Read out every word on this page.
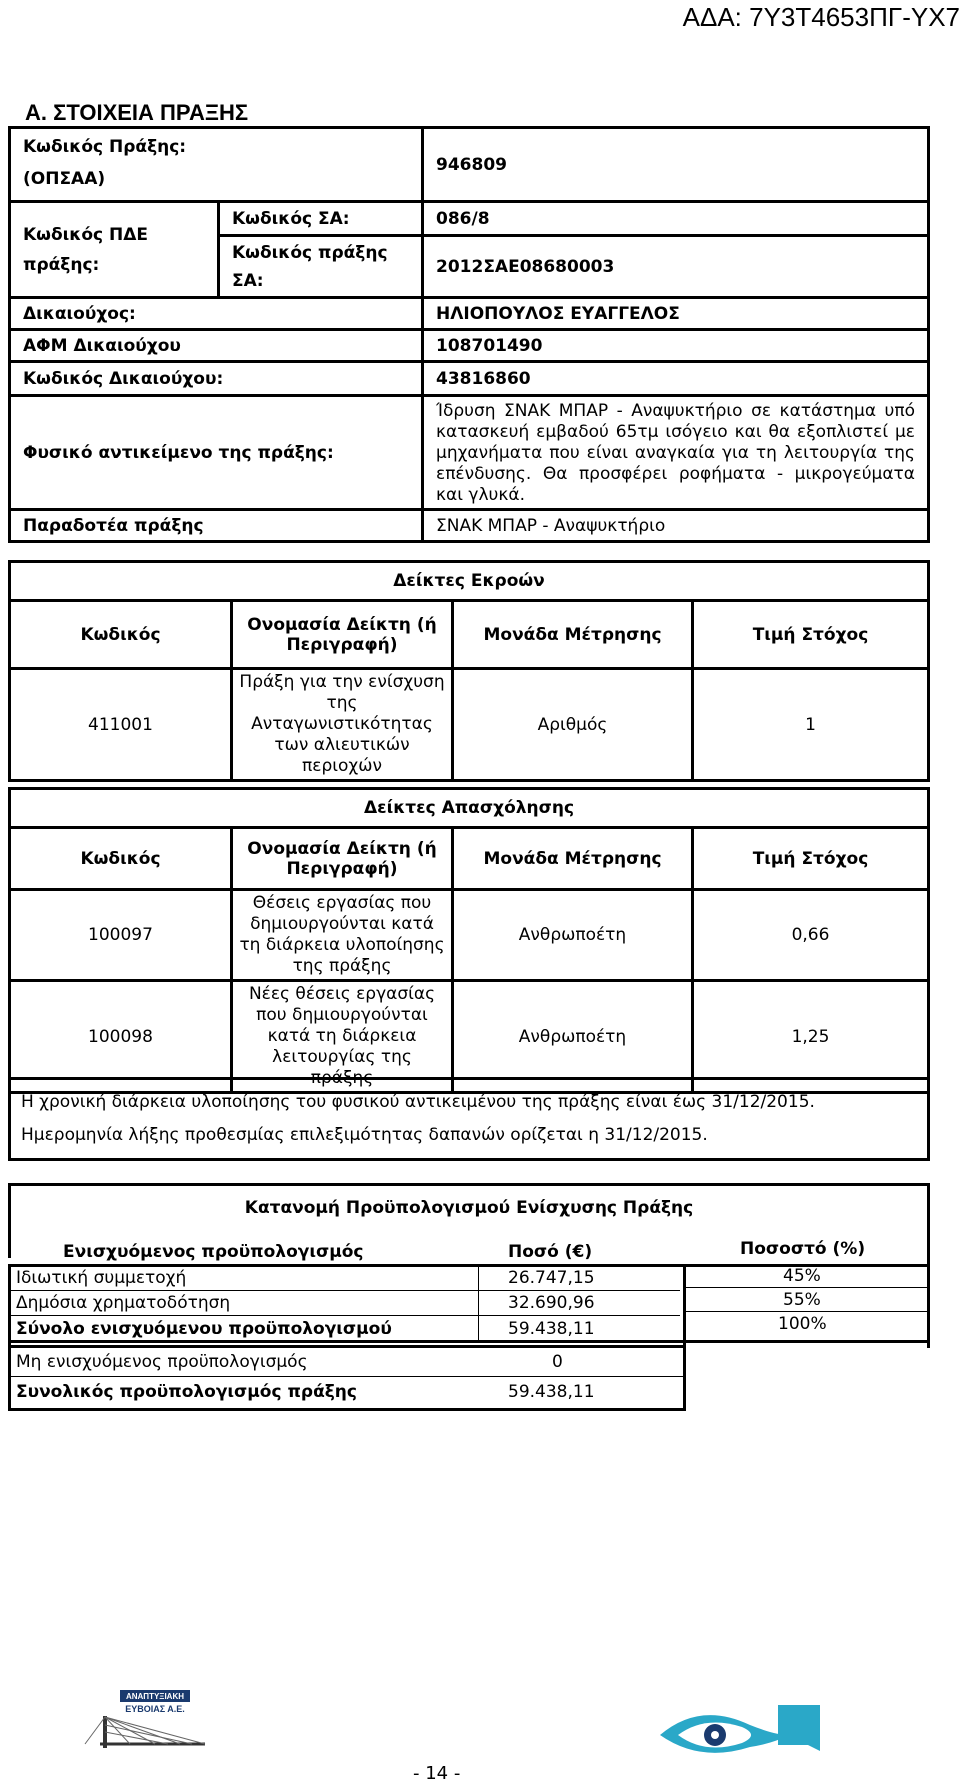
ΑΔΑ: 7Υ3Τ4653ΠΓ-ΥΧ7
Α. ΣΤΟΙΧΕΙΑ ΠΡΑΞΗΣ
Κωδικός Πράξης:
(ΟΠΣΑΑ)		946809

Κωδικός ΠΔΕ
πράξης:	Κωδικός ΣΑ:	086/8

	Κωδικός πράξης
ΣΑ:	2012ΣΑΕ08680003
Δικαιούχος:		ΗΛΙΟΠΟΥΛΟΣ ΕΥΑΓΓΕΛΟΣ
ΑΦΜ Δικαιούχου		108701490
Κωδικός Δικαιούχου:		43816860
Φυσικό αντικείμενο της πράξης:		Ίδρυση ΣΝΑΚ ΜΠΑΡ - Αναψυκτήριο σε κατάστημα υπό κατασκευή εμβαδού 65τμ ισόγειο και θα εξοπλιστεί με μηχανήματα που είναι αναγκαία για τη λειτουργία της επένδυσης. Θα προσφέρει ροφήματα - μικρογεύματα και γλυκά.
Παραδοτέα πράξης		ΣΝΑΚ ΜΠΑΡ - Αναψυκτήριο
Δείκτες Εκροών			
Κωδικός	Ονομασία Δείκτη (ή Περιγραφή)	Μονάδα Μέτρησης	Τιμή Στόχος
411001	Πράξη για την ενίσχυση της Ανταγωνιστικότητας των αλιευτικών περιοχών	Αριθμός	1
Δείκτες Απασχόλησης			
Κωδικός	Ονομασία Δείκτη (ή Περιγραφή)	Μονάδα Μέτρησης	Τιμή Στόχος
100097	Θέσεις εργασίας που δημιουργούνται κατά τη διάρκεια υλοποίησης της πράξης	Ανθρωποέτη	0,66
100098	Νέες θέσεις εργασίας που δημιουργούνται κατά τη διάρκεια λειτουργίας της πράξης	Ανθρωποέτη	1,25
Η χρονική διάρκεια υλοποίησης του φυσικού αντικειμένου της πράξης είναι έως 31/12/2015.
Ημερομηνία λήξης προθεσμίας επιλεξιμότητας δαπανών ορίζεται η 31/12/2015.
Κατανομή Προϋπολογισμού Ενίσχυσης Πράξης
Ενισχυόμενος προϋπολογισμός	Ποσό (€)	Ποσοστό (%)
Ιδιωτική συμμετοχή	26.747,15	45%
Δημόσια χρηματοδότηση	32.690,96	55%
Σύνολο ενισχυόμενου προϋπολογισμού	59.438,11	100%
Μη ενισχυόμενος προϋπολογισμός	0
Συνολικός προϋπολογισμός πράξης	59.438,11
ΑΝΑΠΤΥΞΙΑΚΗ
ΕΥΒΟΙΑΣ Α.Ε.
- 14 -
